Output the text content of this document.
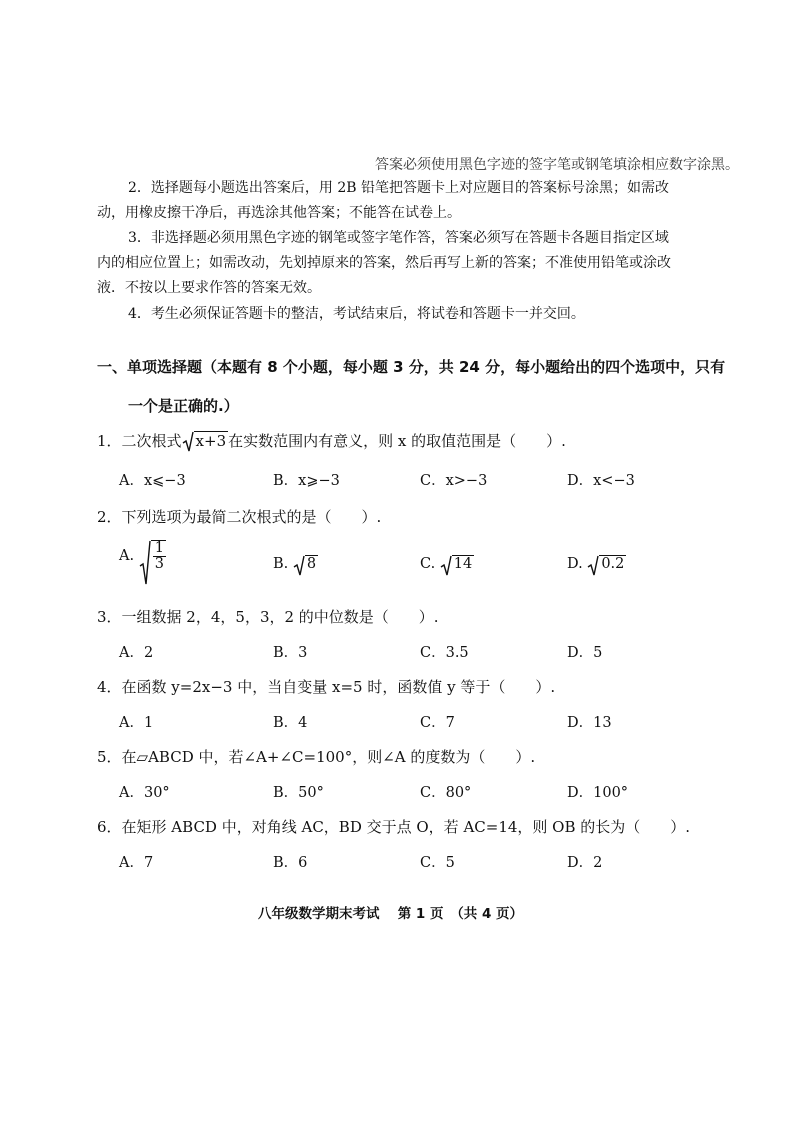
答案必须使用黑色字迹的签字笔或钢笔填涂相应数字涂黑。
2．选择题每小题选出答案后，用 2B 铅笔把答题卡上对应题目的答案标号涂黑；如需改
动，用橡皮擦干净后，再选涂其他答案；不能答在试卷上。
3．非选择题必须用黑色字迹的钢笔或签字笔作答，答案必须写在答题卡各题目指定区域
内的相应位置上；如需改动，先划掉原来的答案，然后再写上新的答案；不准使用铅笔或涂改
液．不按以上要求作答的答案无效。
4．考生必须保证答题卡的整洁，考试结束后，将试卷和答题卡一并交回。
一、单项选择题（本题有 8 个小题，每小题 3 分，共 24 分，每小题给出的四个选项中，只有
一个是正确的.）
1．二次根式 x+3 在实数范围内有意义，则 x 的取值范围是（　　）.
A．x⩽−3	B．x⩾−3	C．x>−3	D．x<−3
2．下列选项为最简二次根式的是（　　）.
A. $\frac{1}{3}$	B. 8	C. 14	D. 0.2
3．一组数据 2，4，5，3，2 的中位数是（　　）.
A．2	B．3	C．3.5	D．5
4．在函数 y=2x−3 中，当自变量 x=5 时，函数值 y 等于（　　）.
A．1	B．4	C．7	D．13
5．在▱ABCD 中，若∠A+∠C=100°，则∠A 的度数为（　　）.
A．30°	B．50°	C．80°	D．100°
6．在矩形 ABCD 中，对角线 AC，BD 交于点 O，若 AC=14，则 OB 的长为（　　）.
A．7	B．6	C．5	D．2
八年级数学期末考试　 第 1 页　（共 4 页）
